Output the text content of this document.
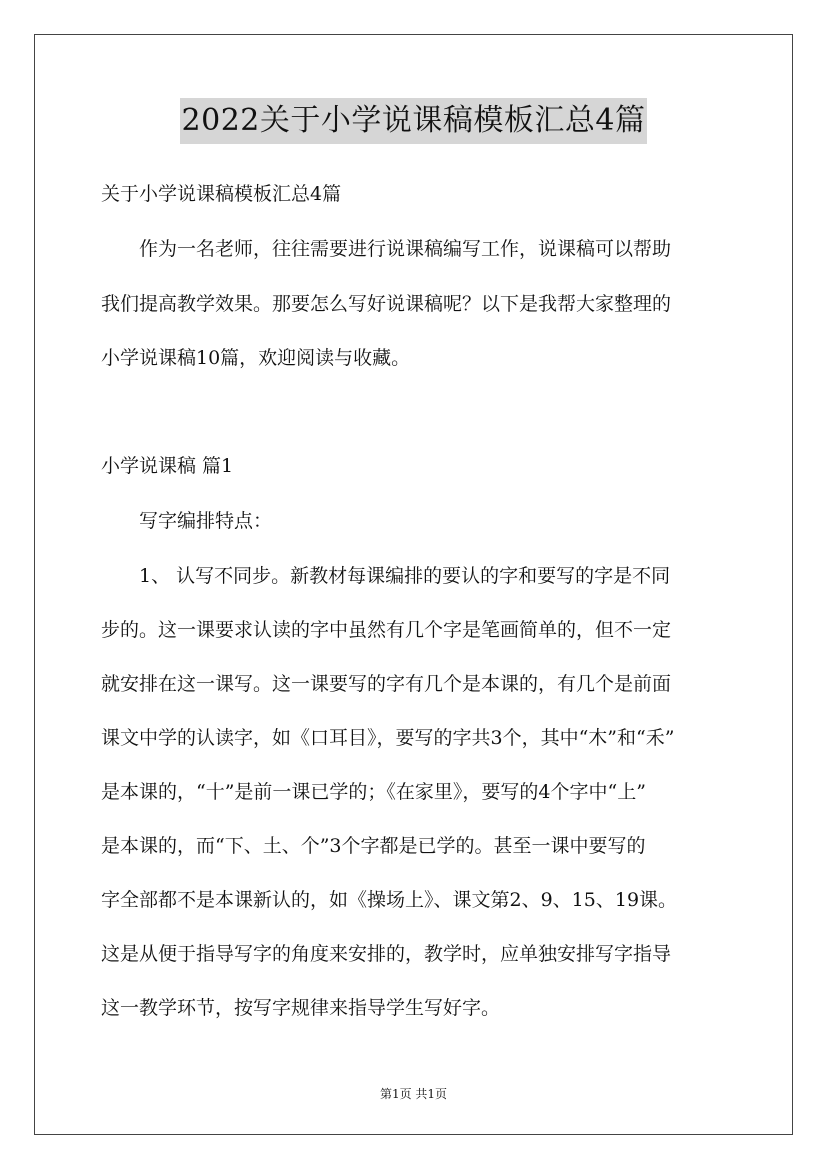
2022关于小学说课稿模板汇总4篇
关于小学说课稿模板汇总4篇
　　作为一名老师，往往需要进行说课稿编写工作，说课稿可以帮助
我们提高教学效果。那要怎么写好说课稿呢？以下是我帮大家整理的
小学说课稿10篇，欢迎阅读与收藏。
小学说课稿 篇1
　　写字编排特点：
　　1、 认写不同步。新教材每课编排的要认的字和要写的字是不同
步的。这一课要求认读的字中虽然有几个字是笔画简单的，但不一定
就安排在这一课写。这一课要写的字有几个是本课的，有几个是前面
课文中学的认读字，如《口耳目》，要写的字共3个，其中“木”和“禾”
是本课的，“十”是前一课已学的；《在家里》，要写的4个字中“上”
是本课的，而“下、土、个”3个字都是已学的。甚至一课中要写的
字全部都不是本课新认的，如《操场上》、课文第2、9、15、19课。
这是从便于指导写字的角度来安排的，教学时，应单独安排写字指导
这一教学环节，按写字规律来指导学生写好字。
第1页 共1页
